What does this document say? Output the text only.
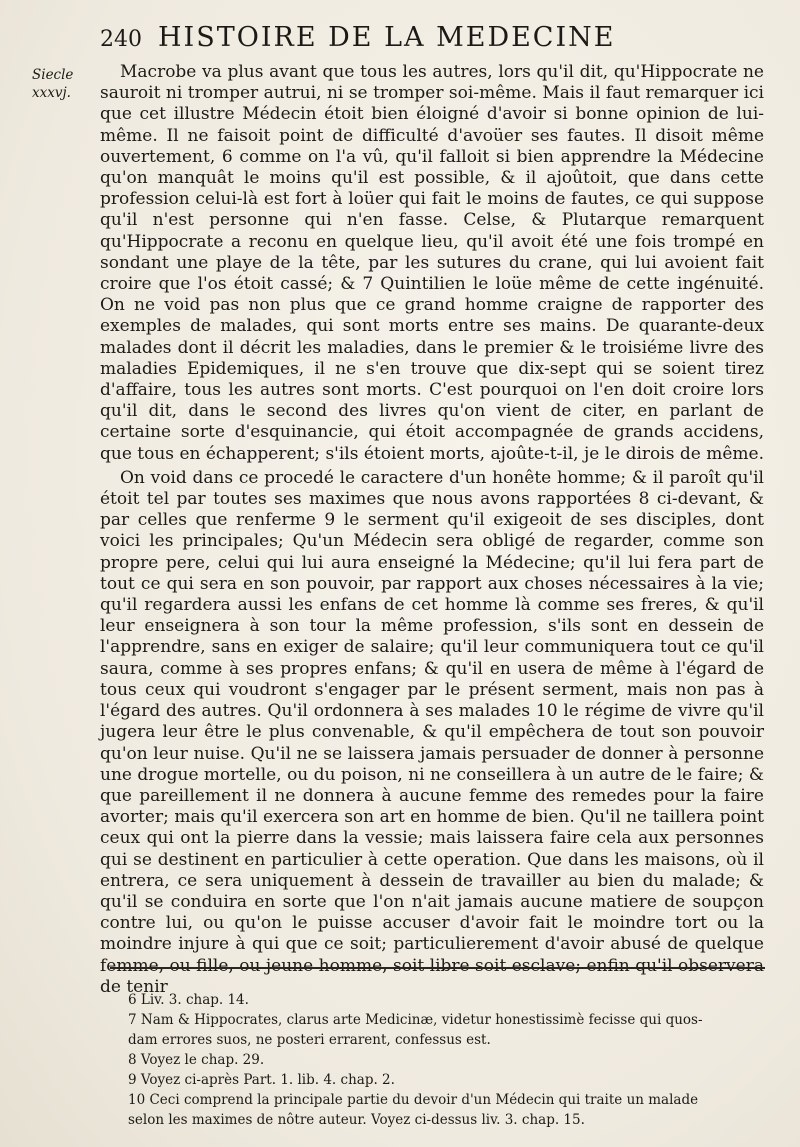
240 HISTOIRE DE LA MEDECINE
Siecle
xxxvj.

Macrobe va plus avant que tous les autres, lors qu'il dit, qu'Hippocrate ne sauroit ni tromper autrui, ni se tromper soi-même. Mais il faut remarquer ici que cet illustre Médecin étoit bien éloigné d'avoir si bonne opinion de lui-même. Il ne faisoit point de difficulté d'avoüer ses fautes. Il disoit même ouvertement, 6 comme on l'a vû, qu'il falloit si bien apprendre la Médecine qu'on manquât le moins qu'il est possible, & il ajoûtoit, que dans cette profession celui-là est fort à loüer qui fait le moins de fautes, ce qui suppose qu'il n'est personne qui n'en fasse. Celse, & Plutarque remarquent qu'Hippocrate a reconu en quelque lieu, qu'il avoit été une fois trompé en sondant une playe de la tête, par les sutures du crane, qui lui avoient fait croire que l'os étoit cassé; & 7 Quintilien le loüe même de cette ingénuité. On ne void pas non plus que ce grand homme craigne de rapporter des exemples de malades, qui sont morts entre ses mains. De quarante-deux malades dont il décrit les maladies, dans le premier & le troisiéme livre des maladies Epidemiques, il ne s'en trouve que dix-sept qui se soient tirez d'affaire, tous les autres sont morts. C'est pourquoi on l'en doit croire lors qu'il dit, dans le second des livres qu'on vient de citer, en parlant de certaine sorte d'esquinancie, qui étoit accompagnée de grands accidens, que tous en échapperent; s'ils étoient morts, ajoûte-t-il, je le dirois de même.

On void dans ce procedé le caractere d'un honête homme; & il paroît qu'il étoit tel par toutes ses maximes que nous avons rapportées 8 ci-devant, & par celles que renferme 9 le serment qu'il exigeoit de ses disciples, dont voici les principales; Qu'un Médecin sera obligé de regarder, comme son propre pere, celui qui lui aura enseigné la Médecine; qu'il lui fera part de tout ce qui sera en son pouvoir, par rapport aux choses nécessaires à la vie; qu'il regardera aussi les enfans de cet homme là comme ses freres, & qu'il leur enseignera à son tour la même profession, s'ils sont en dessein de l'apprendre, sans en exiger de salaire; qu'il leur communiquera tout ce qu'il saura, comme à ses propres enfans; & qu'il en usera de même à l'égard de tous ceux qui voudront s'engager par le présent serment, mais non pas à l'égard des autres. Qu'il ordonnera à ses malades 10 le régime de vivre qu'il jugera leur être le plus convenable, & qu'il empêchera de tout son pouvoir qu'on leur nuise. Qu'il ne se laissera jamais persuader de donner à personne une drogue mortelle, ou du poison, ni ne conseillera à un autre de le faire; & que pareillement il ne donnera à aucune femme des remedes pour la faire avorter; mais qu'il exercera son art en homme de bien. Qu'il ne taillera point ceux qui ont la pierre dans la vessie; mais laissera faire cela aux personnes qui se destinent en particulier à cette operation. Que dans les maisons, où il entrera, ce sera uniquement à dessein de travailler au bien du malade; & qu'il se conduira en sorte que l'on n'ait jamais aucune matiere de soupçon contre lui, ou qu'on le puisse accuser d'avoir fait le moindre tort ou la moindre injure à qui que ce soit; particulierement d'avoir abusé de quelque femme, ou fille, ou jeune homme, soit libre soit esclave; enfin qu'il observera de tenir

6 Liv. 3. chap. 14.
7 Nam & Hippocrates, clarus arte Medicinæ, videtur honestissimè fecisse qui quos-
dam errores suos, ne posteri errarent, confessus est.
8 Voyez le chap. 29.
9 Voyez ci-après Part. 1. lib. 4. chap. 2.
10 Ceci comprend la principale partie du devoir d'un Médecin qui traite un malade
selon les maximes de nôtre auteur. Voyez ci-dessus liv. 3. chap. 15.
